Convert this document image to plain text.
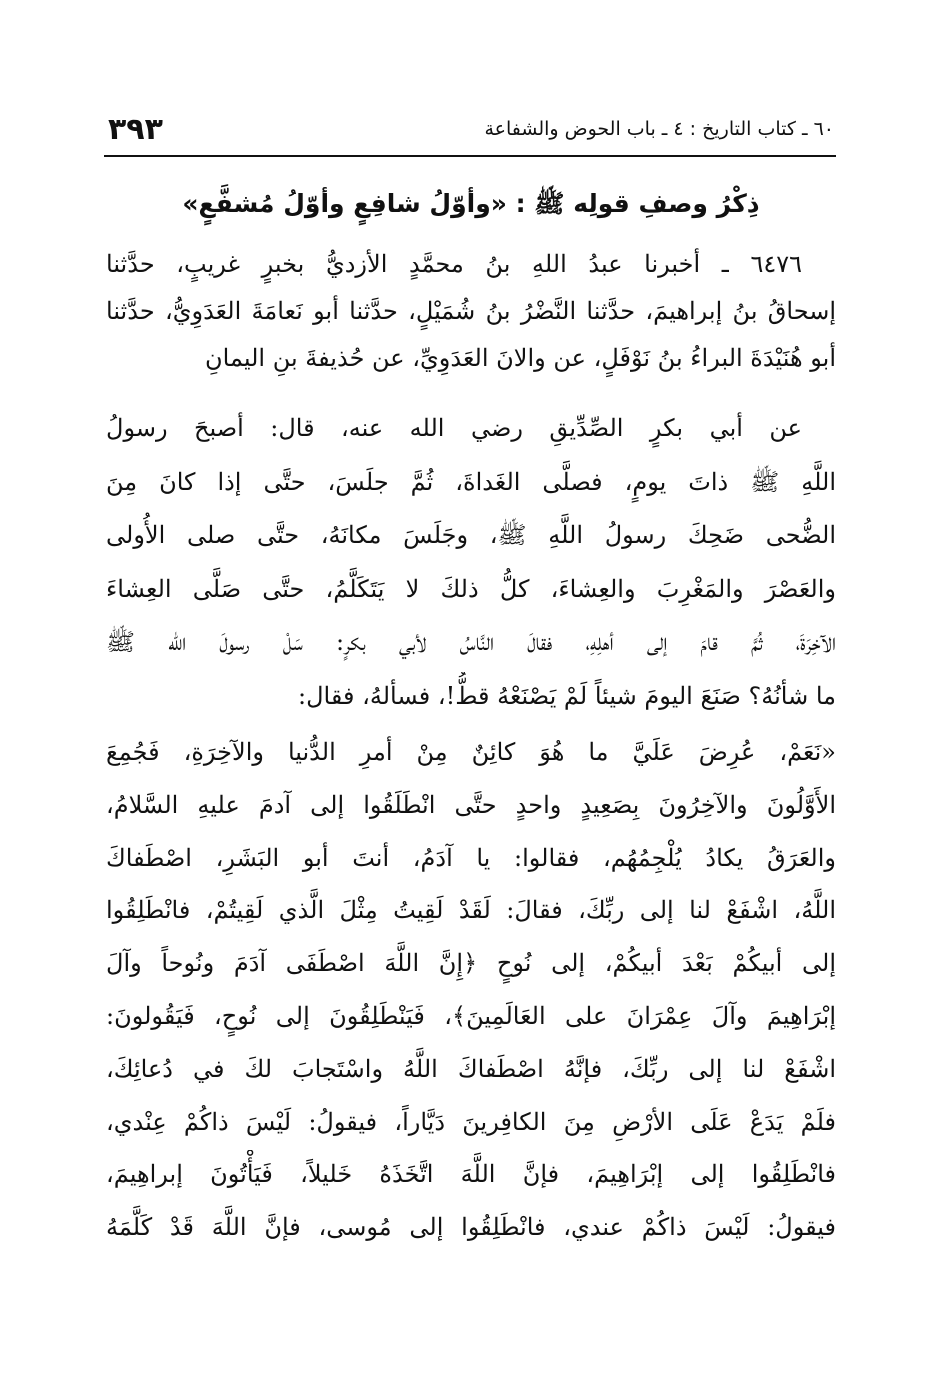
٣٩٣	٦٠ ـ كتاب التاريخ : ٤ ـ باب الحوض والشفاعة
ذِكْرُ وصفِ قولِه ﷺ : «وأوّلُ شافِعٍ وأوّلُ مُشفَّعٍ»
٦٤٧٦ ـ أخبرنا عبدُ اللهِ بنُ محمَّدٍ الأزديُّ بخبرٍ غريبٍ، حدَّثنا
إسحاقُ بنُ إبراهيمَ، حدَّثنا النَّضْرُ بنُ شُمَيْلٍ، حدَّثنا أبو نَعامَةَ العَدَوِيُّ، حدَّثنا
أبو هُنَيْدَةَ البراءُ بنُ نَوْفَلٍ، عن والانَ العَدَوِيِّ، عن حُذيفةَ بنِ اليمانِ
عن أبي بكرٍ الصِّدِّيقِ رضي الله عنه، قال: أصبحَ رسولُ
اللَّهِ ﷺ ذاتَ يومٍ، فصلَّى الغَداةَ، ثُمَّ جلَسَ، حتَّى إذا كانَ مِنَ
الضُّحى ضَحِكَ رسولُ اللَّهِ ﷺ، وجَلَسَ مكانَهُ، حتَّى صلى الأُولى
والعَصْرَ والمَغْرِبَ والعِشاءَ، كلُّ ذلكَ لا يَتَكَلَّمُ، حتَّى صَلَّى العِشاءَ
الآخِرَةَ، ثُمَّ قامَ إلى أهلِهِ، فقالَ النَّاسُ لأبي بكرٍ: سَلْ رسولَ الله ﷺ
ما شأنُهُ؟ صَنَعَ اليومَ شيئاً لَمْ يَصْنَعْهُ قطُّ!، فسألهُ، فقال:
«نَعَمْ، عُرِضَ عَلَيَّ ما هُوَ كائِنٌ مِنْ أمرِ الدُّنيا والآخِرَةِ، فَجُمِعَ
الأَوَّلُونَ والآخِرُونَ بِصَعِيدٍ واحدٍ حتَّى انْطَلَقُوا إلى آدمَ عليهِ السَّلامُ،
والعَرَقُ يكادُ يُلْجِمُهُم، فقالوا: يا آدَمُ، أنتَ أبو البَشَرِ، اصْطَفاكَ
اللَّهُ، اشْفَعْ لنا إلى ربِّكَ، فقالَ: لَقَدْ لَقِيتُ مِثْلَ الَّذي لَقِيتُمْ، فانْطَلِقُوا
إلى أبيكُمْ بَعْدَ أبيكُمْ، إلى نُوحٍ ﴿إِنَّ اللَّهَ اصْطَفَى آدَمَ ونُوحاً وآلَ
إبْرَاهِيمَ وآلَ عِمْرَانَ على العَالَمِينَ﴾، فَيَنْطَلِقُونَ إلى نُوحٍ، فَيَقُولونَ:
اشْفَعْ لنا إلى ربِّكَ، فإنَّهُ اصْطَفاكَ اللَّهُ واسْتَجابَ لكَ في دُعائِكَ،
فلَمْ يَدَعْ عَلَى الأرْضِ مِنَ الكافِرينَ دَيَّاراً، فيقولُ: لَيْسَ ذاكُمْ عِنْدي،
فانْطَلِقُوا إلى إبْرَاهِيمَ، فإنَّ اللَّهَ اتَّخَذَهُ خَليلاً، فَيَأْتُونَ إبراهِيمَ،
فيقولُ: لَيْسَ ذاكُمْ عندي، فانْطَلِقُوا إلى مُوسى، فإنَّ اللَّهَ قَدْ كَلَّمَهُ
